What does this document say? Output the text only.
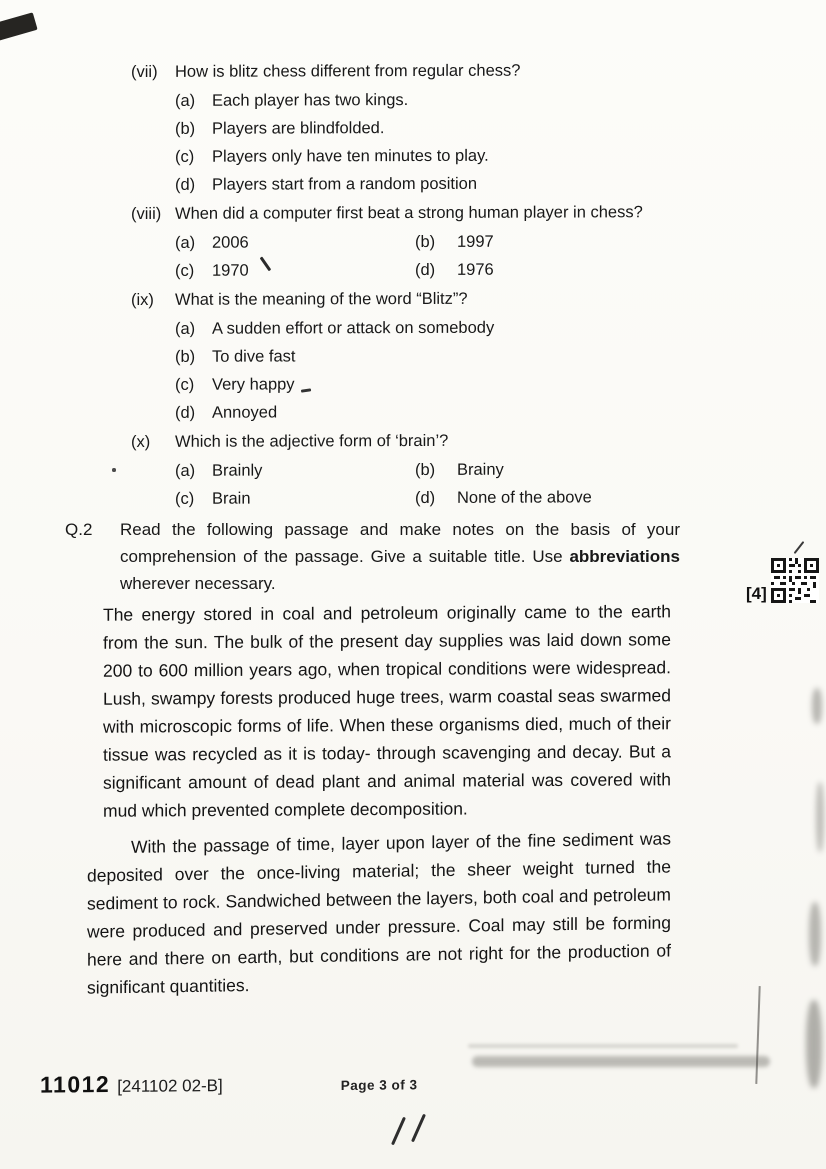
(vii)	How is blitz chess different from regular chess?
(a)	Each player has two kings.
(b)	Players are blindfolded.
(c)	Players only have ten minutes to play.
(d)	Players start from a random position
(viii) When did a computer first beat a strong human player in chess?
(a)	2006	(b)	1997
(c)	1970	(d)	1976
(ix)	What is the meaning of the word “Blitz”?
(a)	A sudden effort or attack on somebody
(b)	To dive fast
(c)	Very happy
(d)	Annoyed
(x)	Which is the adjective form of ‘brain’?
(a)	Brainly	(b)	Brainy
(c)	Brain	(d)	None of the above
Q.2	Read the following passage and make notes on the basis of your comprehension of the passage. Give a suitable title. Use abbreviations wherever necessary.

The energy stored in coal and petroleum originally came to the earth from the sun. The bulk of the present day supplies was laid down some 200 to 600 million years ago, when tropical conditions were widespread. Lush, swampy forests produced huge trees, warm coastal seas swarmed with microscopic forms of life. When these organisms died, much of their tissue was recycled as it is today- through scavenging and decay. But a significant amount of dead plant and animal material was covered with mud which prevented complete decomposition.

With the passage of time, layer upon layer of the fine sediment was deposited over the once-living material; the sheer weight turned the sediment to rock. Sandwiched between the layers, both coal and petroleum were produced and preserved under pressure. Coal may still be forming here and there on earth, but conditions are not right for the production of significant quantities.

[4]
11012 [241102 02-B]	Page 3 of 3
